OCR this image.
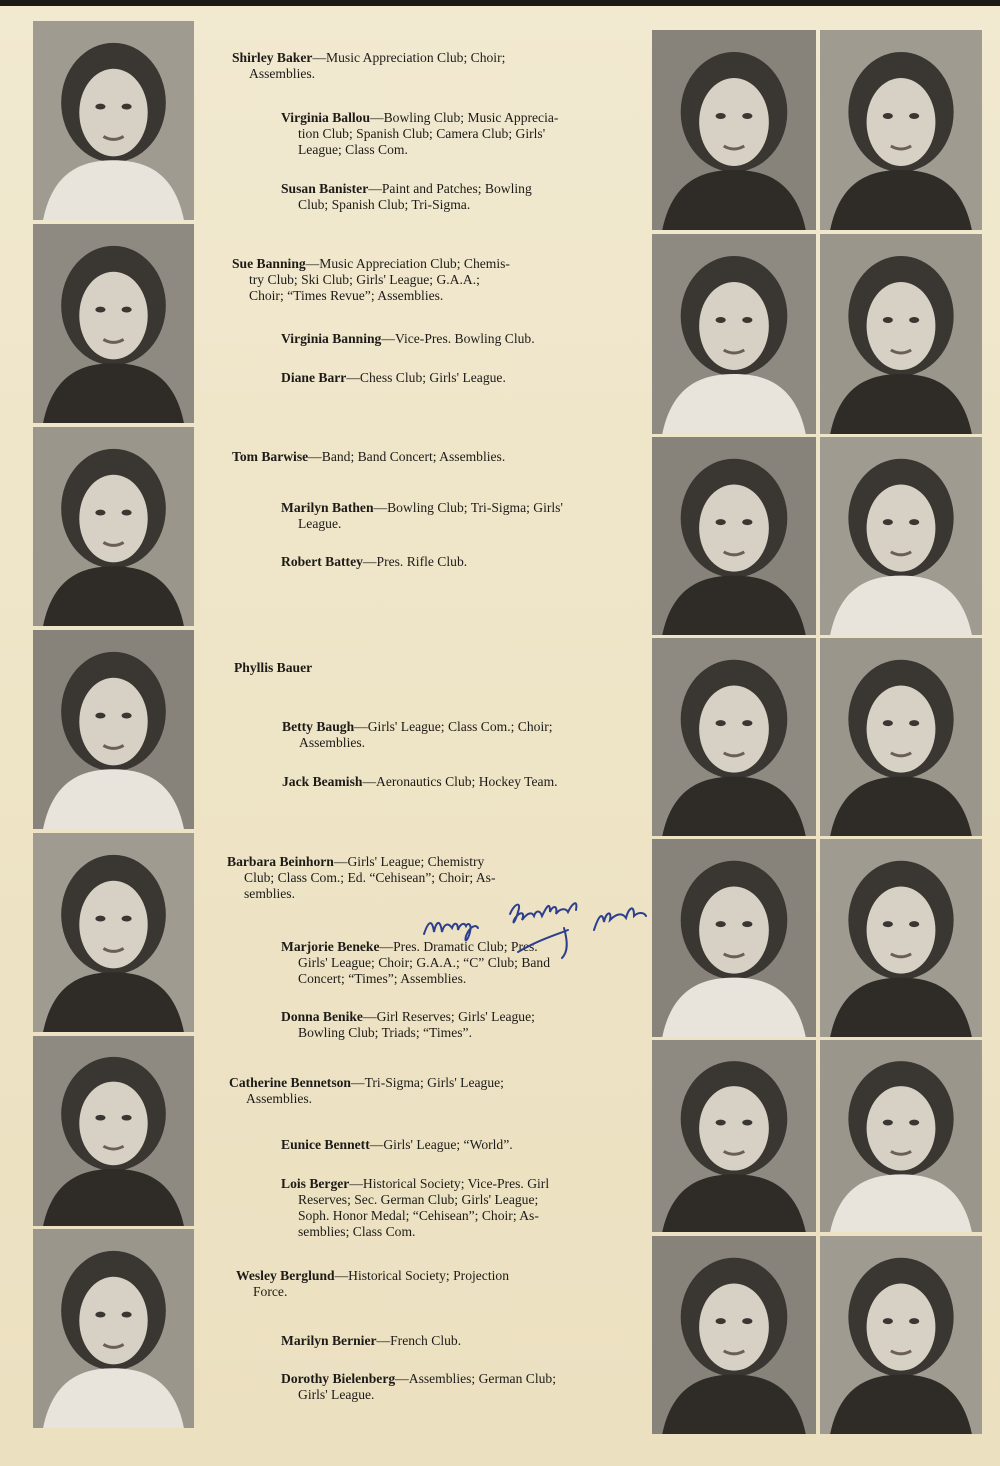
Shirley Baker—Music Appreciation Club; Choir;
Assemblies.
Virginia Ballou—Bowling Club; Music Apprecia-
tion Club; Spanish Club; Camera Club; Girls'
League; Class Com.
Susan Banister—Paint and Patches; Bowling
Club; Spanish Club; Tri-Sigma.
Sue Banning—Music Appreciation Club; Chemis-
try Club; Ski Club; Girls' League; G.A.A.;
Choir; “Times Revue”; Assemblies.
Virginia Banning—Vice-Pres. Bowling Club.
Diane Barr—Chess Club; Girls' League.
Tom Barwise—Band; Band Concert; Assemblies.
Marilyn Bathen—Bowling Club; Tri-Sigma; Girls'
League.
Robert Battey—Pres. Rifle Club.
Phyllis Bauer
Betty Baugh—Girls' League; Class Com.; Choir;
Assemblies.
Jack Beamish—Aeronautics Club; Hockey Team.
Barbara Beinhorn—Girls' League; Chemistry
Club; Class Com.; Ed. “Cehisean”; Choir; As-
semblies.
Marjorie Beneke—Pres. Dramatic Club; Pres.
Girls' League; Choir; G.A.A.; “C” Club; Band
Concert; “Times”; Assemblies.
Donna Benike—Girl Reserves; Girls' League;
Bowling Club; Triads; “Times”.
Catherine Bennetson—Tri-Sigma; Girls' League;
Assemblies.
Eunice Bennett—Girls' League; “World”.
Lois Berger—Historical Society; Vice-Pres. Girl
Reserves; Sec. German Club; Girls' League;
Soph. Honor Medal; “Cehisean”; Choir; As-
semblies; Class Com.
Wesley Berglund—Historical Society; Projection
Force.
Marilyn Bernier—French Club.
Dorothy Bielenberg—Assemblies; German Club;
Girls' League.
